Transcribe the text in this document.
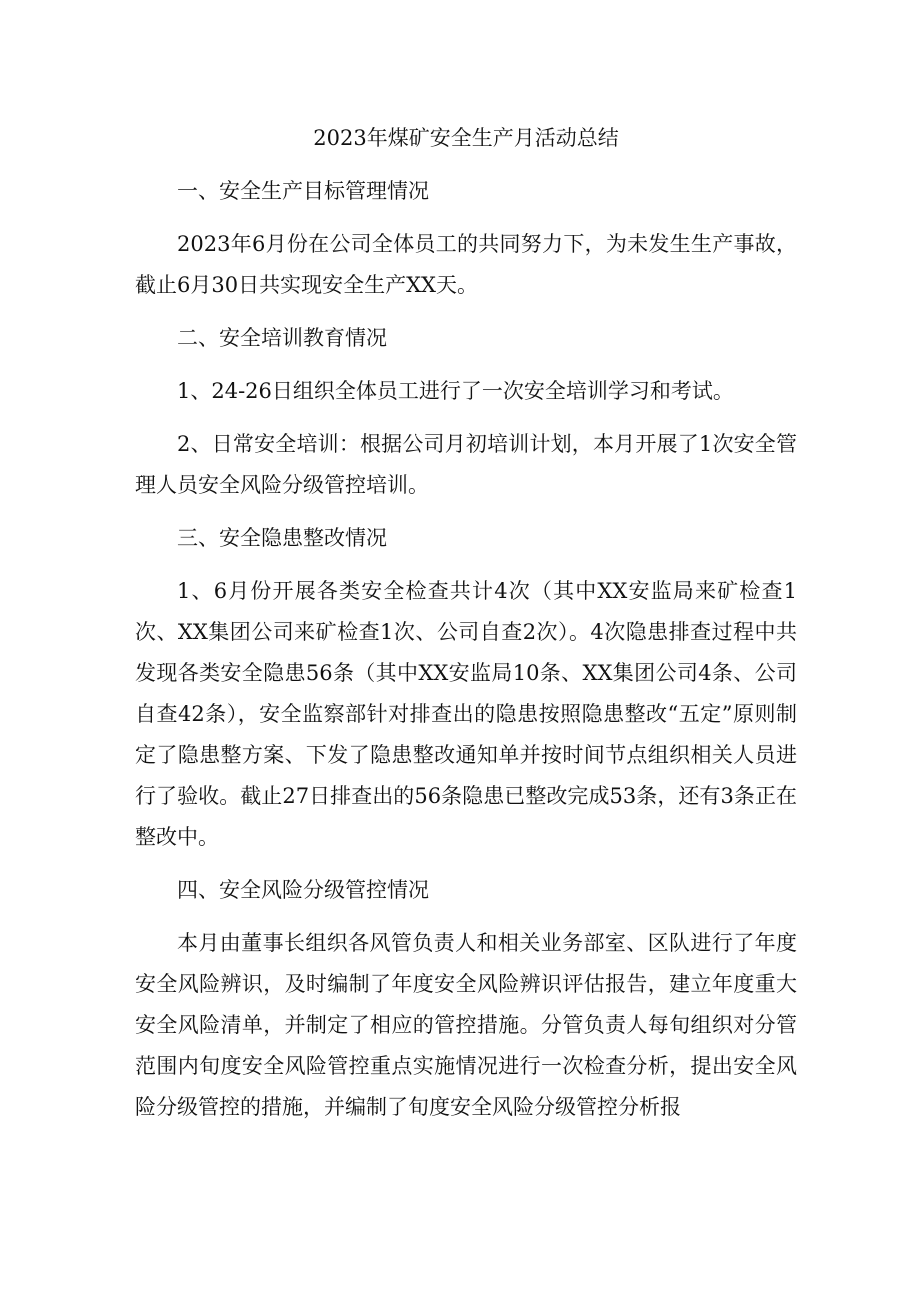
2023年煤矿安全生产月活动总结
一、安全生产目标管理情况
2023年6月份在公司全体员工的共同努力下，为未发生生产事故，截止6月30日共实现安全生产XX天。
二、安全培训教育情况
1、24-26日组织全体员工进行了一次安全培训学习和考试。
2、日常安全培训：根据公司月初培训计划，本月开展了1次安全管理人员安全风险分级管控培训。
三、安全隐患整改情况
1、6月份开展各类安全检查共计4次（其中XX安监局来矿检查1次、XX集团公司来矿检查1次、公司自查2次）。4次隐患排查过程中共发现各类安全隐患56条（其中XX安监局10条、XX集团公司4条、公司自查42条），安全监察部针对排查出的隐患按照隐患整改“五定”原则制定了隐患整方案、下发了隐患整改通知单并按时间节点组织相关人员进行了验收。截止27日排查出的56条隐患已整改完成53条，还有3条正在整改中。
四、安全风险分级管控情况
本月由董事长组织各风管负责人和相关业务部室、区队进行了年度安全风险辨识，及时编制了年度安全风险辨识评估报告，建立年度重大安全风险清单，并制定了相应的管控措施。分管负责人每旬组织对分管范围内旬度安全风险管控重点实施情况进行一次检查分析，提出安全风险分级管控的措施，并编制了旬度安全风险分级管控分析报
